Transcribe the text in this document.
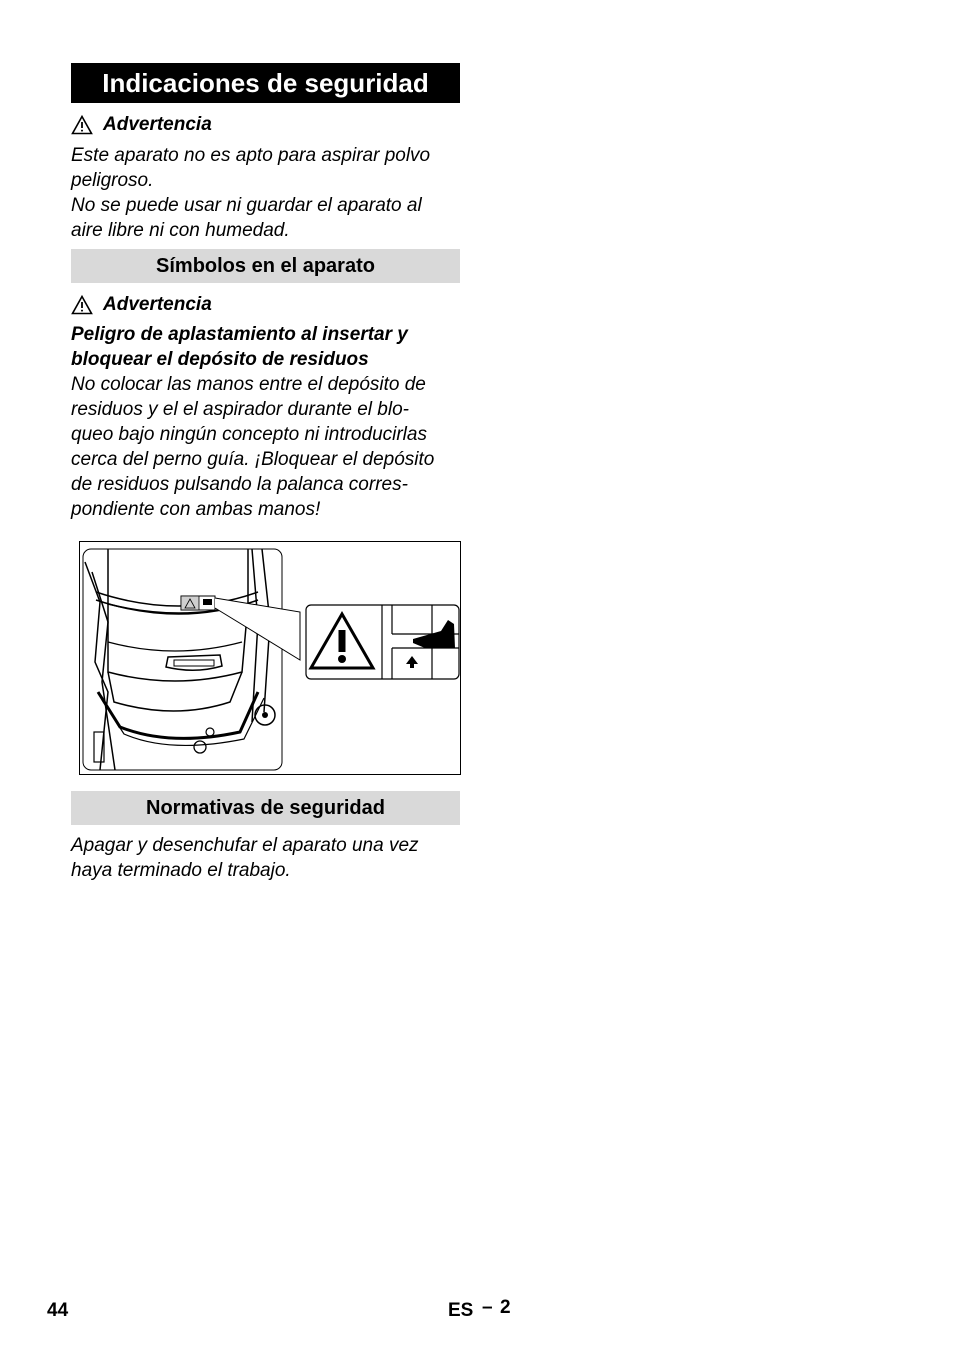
Indicaciones de seguridad
Advertencia

Este aparato no es apto para aspirar polvo
peligroso.
No se puede usar ni guardar el aparato al
aire libre ni con humedad.

Símbolos en el aparato
Advertencia

Peligro de aplastamiento al insertar y
bloquear el depósito de residuos
No colocar las manos entre el depósito de
residuos y el el aspirador durante el blo-
queo bajo ningún concepto ni introducirlas
cerca del perno guía. ¡Bloquear el depósito
de residuos pulsando la palanca corres-
pondiente con ambas manos!

Normativas de seguridad

Apagar y desenchufar el aparato una vez
haya terminado el trabajo.

44	ES – 2
